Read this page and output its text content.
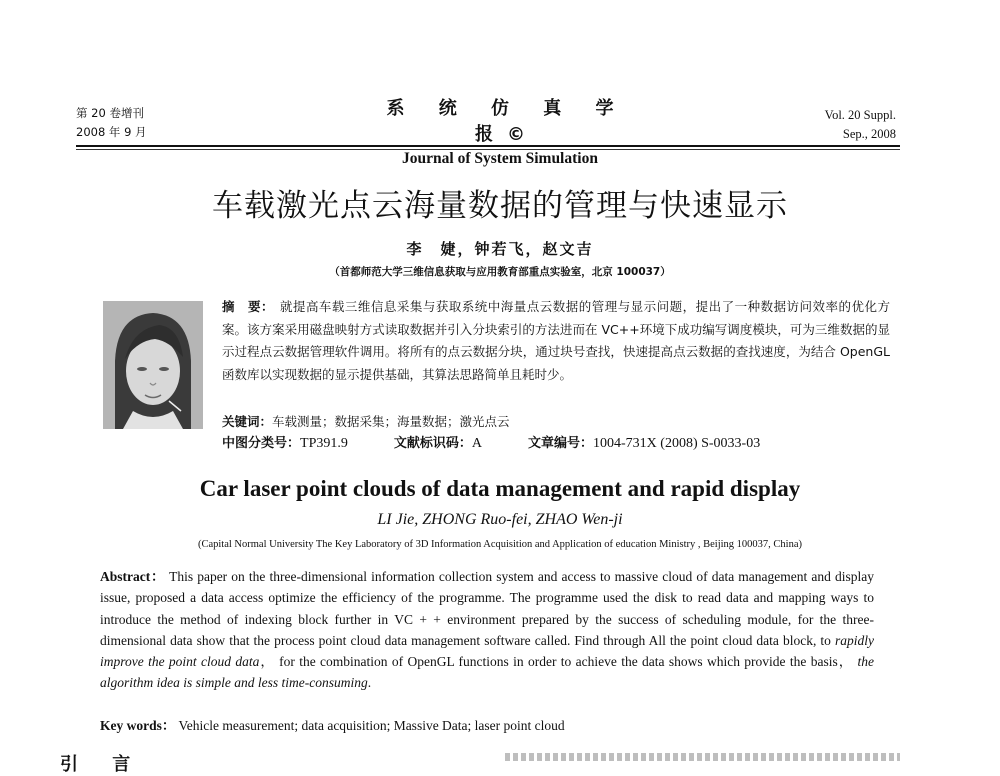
第 20 卷增刊
2008 年 9 月
系 统 仿 真 学 报©
Journal of System Simulation
Vol. 20 Suppl.
Sep., 2008
车载激光点云海量数据的管理与快速显示
李　婕，钟若飞，赵文吉
（首都师范大学三维信息获取与应用教育部重点实验室，北京 100037）
摘　要： 就提高车载三维信息采集与获取系统中海量点云数据的管理与显示问题，提出了一种数据访问效率的优化方案。该方案采用磁盘映射方式读取数据并引入分块索引的方法进而在 VC++环境下成功编写调度模块，可为三维数据的显示过程点云数据管理软件调用。将所有的点云数据分块，通过块号查找，快速提高点云数据的查找速度，为结合 OpenGL 函数库以实现数据的显示提供基础，其算法思路简单且耗时少。
关键词：车载测量；数据采集；海量数据；激光点云
中图分类号：TP391.9	文献标识码：A	文章编号：1004-731X (2008) S-0033-03
Car laser point clouds of data management and rapid display
LI Jie, ZHONG Ruo-fei, ZHAO Wen-ji
(Capital Normal University The Key Laboratory of 3D Information Acquisition and Application of education Ministry , Beijing 100037, China)
Abstract： This paper on the three-dimensional information collection system and access to massive cloud of data management and display issue, proposed a data access optimize the efficiency of the programme. The programme used the disk to read data and mapping ways to introduce the method of indexing block further in VC + + environment prepared by the success of scheduling module, for the three-dimensional data show that the process point cloud data management software called. Find through All the point cloud data block, to rapidly improve the point cloud data， for the combination of OpenGL functions in order to achieve the data shows which provide the basis， the algorithm idea is simple and less time-consuming.
Key words： Vehicle measurement; data acquisition; Massive Data; laser point cloud
引 言
